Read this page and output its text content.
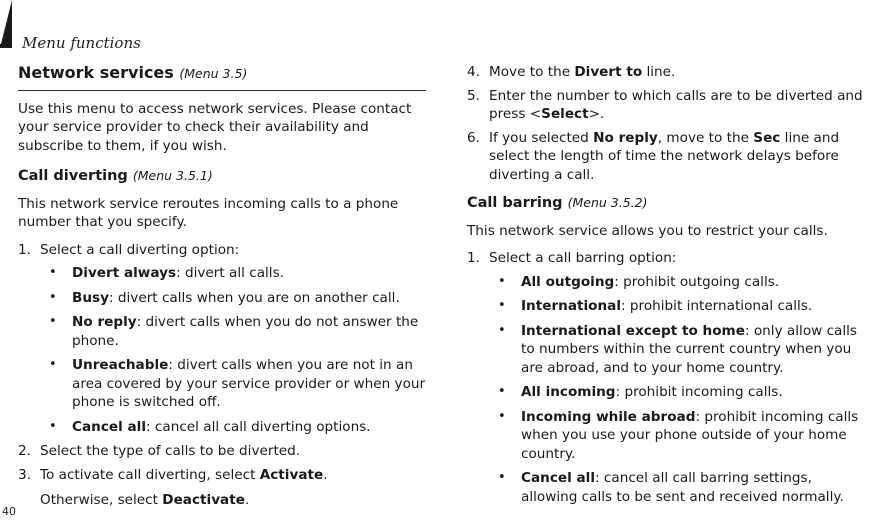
Menu functions
Network services (Menu 3.5)

Use this menu to access network services. Please contact your service provider to check their availability and subscribe to them, if you wish.

Call diverting (Menu 3.5.1)

This network service reroutes incoming calls to a phone number that you specify.

1. Select a call diverting option:
• Divert always: divert all calls.
• Busy: divert calls when you are on another call.
• No reply: divert calls when you do not answer the phone.
• Unreachable: divert calls when you are not in an area covered by your service provider or when your phone is switched off.
• Cancel all: cancel all call diverting options.
2. Select the type of calls to be diverted.
3. To activate call diverting, select Activate.
Otherwise, select Deactivate.
4. Move to the Divert to line.
5. Enter the number to which calls are to be diverted and press <Select>.
6. If you selected No reply, move to the Sec line and select the length of time the network delays before diverting a call.
Call barring (Menu 3.5.2)

This network service allows you to restrict your calls.

1. Select a call barring option:
• All outgoing: prohibit outgoing calls.
• International: prohibit international calls.
• International except to home: only allow calls to numbers within the current country when you are abroad, and to your home country.
• All incoming: prohibit incoming calls.
• Incoming while abroad: prohibit incoming calls when you use your phone outside of your home country.
• Cancel all: cancel all call barring settings, allowing calls to be sent and received normally.
40
